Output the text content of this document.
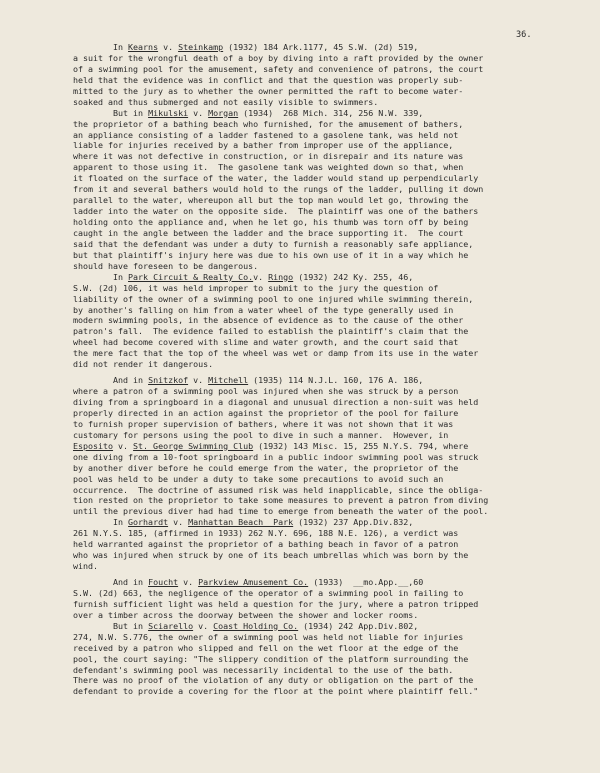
36.
In Kearns v. Steinkamp (1932) 184 Ark.1177, 45 S.W. (2d) 519,
a suit for the wrongful death of a boy by diving into a raft provided by the owner
of a swimming pool for the amusement, safety and convenience of patrons, the court
held that the evidence was in conflict and that the question was properly sub-
mitted to the jury as to whether the owner permitted the raft to become water-
soaked and thus submerged and not easily visible to swimmers.
But in Mikulski v. Morgan (1934)  268 Mich. 314, 256 N.W. 339,
the proprietor of a bathing beach who furnished, for the amusement of bathers,
an appliance consisting of a ladder fastened to a gasolene tank, was held not
liable for injuries received by a bather from improper use of the appliance,
where it was not defective in construction, or in disrepair and its nature was
apparent to those using it.  The gasolene tank was weighted down so that, when
it floated on the surface of the water, the ladder would stand up perpendicularly
from it and several bathers would hold to the rungs of the ladder, pulling it down
parallel to the water, whereupon all but the top man would let go, throwing the
ladder into the water on the opposite side.  The plaintiff was one of the bathers
holding onto the appliance and, when he let go, his thumb was torn off by being
caught in the angle between the ladder and the brace supporting it.  The court
said that the defendant was under a duty to furnish a reasonably safe appliance,
but that plaintiff's injury here was due to his own use of it in a way which he
should have foreseen to be dangerous.
In Park Circuit & Realty Co.v. Ringo (1932) 242 Ky. 255, 46,
S.W. (2d) 106, it was held improper to submit to the jury the question of
liability of the owner of a swimming pool to one injured while swimming therein,
by another's falling on him from a water wheel of the type generally used in
modern swimming pools, in the absence of evidence as to the cause of the other
patron's fall.  The evidence failed to establish the plaintiff's claim that the
wheel had become covered with slime and water growth, and the court said that
the mere fact that the top of the wheel was wet or damp from its use in the water
did not render it dangerous.
And in Snitzkof v. Mitchell (1935) 114 N.J.L. 160, 176 A. 186,
where a patron of a swimming pool was injured when she was struck by a person
diving from a springboard in a diagonal and unusual direction a non-suit was held
properly directed in an action against the proprietor of the pool for failure
to furnish proper supervision of bathers, where it was not shown that it was
customary for persons using the pool to dive in such a manner.  However, in
Esposito v. St. George Swimming Club (1932) 143 Misc. 15, 255 N.Y.S. 794, where
one diving from a 10-foot springboard in a public indoor swimming pool was struck
by another diver before he could emerge from the water, the proprietor of the
pool was held to be under a duty to take some precautions to avoid such an
occurrence.  The doctrine of assumed risk was held inapplicable, since the obliga-
tion rested on the proprietor to take some measures to prevent a patron from diving
until the previous diver had had time to emerge from beneath the water of the pool.
In Gorhardt v. Manhattan Beach  Park (1932) 237 App.Div.832,
261 N.Y.S. 185, (affirmed in 1933) 262 N.Y. 696, 188 N.E. 126), a verdict was
held warranted against the proprietor of a bathing beach in favor of a patron
who was injured when struck by one of its beach umbrellas which was born by the
wind.
And in Foucht v. Parkview Amusement Co. (1933)  __mo.App.__,60
S.W. (2d) 663, the negligence of the operator of a swimming pool in failing to
furnish sufficient light was held a question for the jury, where a patron tripped
over a timber across the doorway between the shower and locker rooms.
But in Sciarello v. Coast Holding Co. (1934) 242 App.Div.802,
274, N.W. S.776, the owner of a swimming pool was held not liable for injuries
received by a patron who slipped and fell on the wet floor at the edge of the
pool, the court saying: "The slippery condition of the platform surrounding the
defendant's swimming pool was necessarily incidental to the use of the bath.
There was no proof of the violation of any duty or obligation on the part of the
defendant to provide a covering for the floor at the point where plaintiff fell."
